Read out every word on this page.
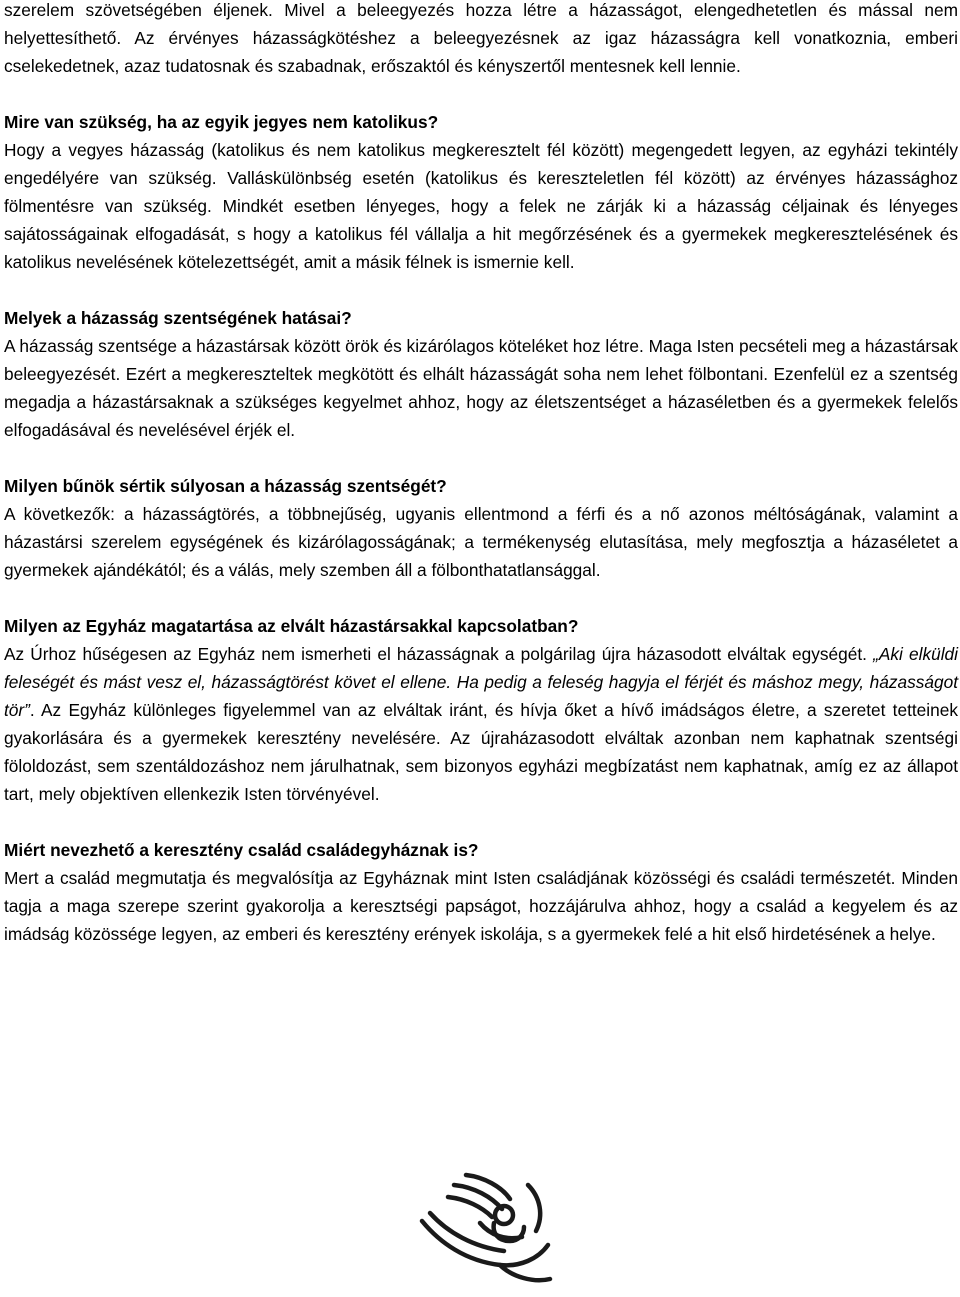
szerelem szövetségében éljenek. Mivel a beleegyezés hozza létre a házasságot, elengedhetetlen és mással nem helyettesíthető. Az érvényes házasságkötéshez a beleegyezésnek az igaz házasságra kell vonatkoznia, emberi cselekedetnek, azaz tudatosnak és szabadnak, erőszaktól és kényszertől mentesnek kell lennie.

Mire van szükség, ha az egyik jegyes nem katolikus?

Hogy a vegyes házasság (katolikus és nem katolikus megkeresztelt fél között) megengedett legyen, az egyházi tekintély engedélyére van szükség. Valláskülönbség esetén (katolikus és kereszteletlen fél között) az érvényes házassághoz fölmentésre van szükség. Mindkét esetben lényeges, hogy a felek ne zárják ki a házasság céljainak és lényeges sajátosságainak elfogadását, s hogy a katolikus fél vállalja a hit megőrzésének és a gyermekek megkeresztelésének és katolikus nevelésének kötelezettségét, amit a másik félnek is ismernie kell.

Melyek a házasság szentségének hatásai?

A házasság szentsége a házastársak között örök és kizárólagos köteléket hoz létre. Maga Isten pecsételi meg a házastársak beleegyezését. Ezért a megkereszteltek megkötött és elhált házasságát soha nem lehet fölbontani. Ezenfelül ez a szentség megadja a házastársaknak a szükséges kegyelmet ahhoz, hogy az életszentséget a házaséletben és a gyermekek felelős elfogadásával és nevelésével érjék el.

Milyen bűnök sértik súlyosan a házasság szentségét?

A következők: a házasságtörés, a többnejűség, ugyanis ellentmond a férfi és a nő azonos méltóságának, valamint a házastársi szerelem egységének és kizárólagosságának; a termékenység elutasítása, mely megfosztja a házaséletet a gyermekek ajándékától; és a válás, mely szemben áll a fölbonthatatlansággal.

Milyen az Egyház magatartása az elvált házastársakkal kapcsolatban?

Az Úrhoz hűségesen az Egyház nem ismerheti el házasságnak a polgárilag újra házasodott elváltak egységét. „Aki elküldi feleségét és mást vesz el, házasságtörést követ el ellene. Ha pedig a feleség hagyja el férjét és máshoz megy, házasságot tör”. Az Egyház különleges figyelemmel van az elváltak iránt, és hívja őket a hívő imádságos életre, a szeretet tetteinek gyakorlására és a gyermekek keresztény nevelésére. Az újraházasodott elváltak azonban nem kaphatnak szentségi föloldozást, sem szentáldozáshoz nem járulhatnak, sem bizonyos egyházi megbízatást nem kaphatnak, amíg ez az állapot tart, mely objektíven ellenkezik Isten törvényével.

Miért nevezhető a keresztény család családegyháznak is?

Mert a család megmutatja és megvalósítja az Egyháznak mint Isten családjának közösségi és családi természetét. Minden tagja a maga szerepe szerint gyakorolja a keresztségi papságot, hozzájárulva ahhoz, hogy a család a kegyelem és az imádság közössége legyen, az emberi és keresztény erények iskolája, s a gyermekek felé a hit első hirdetésének a helye.
